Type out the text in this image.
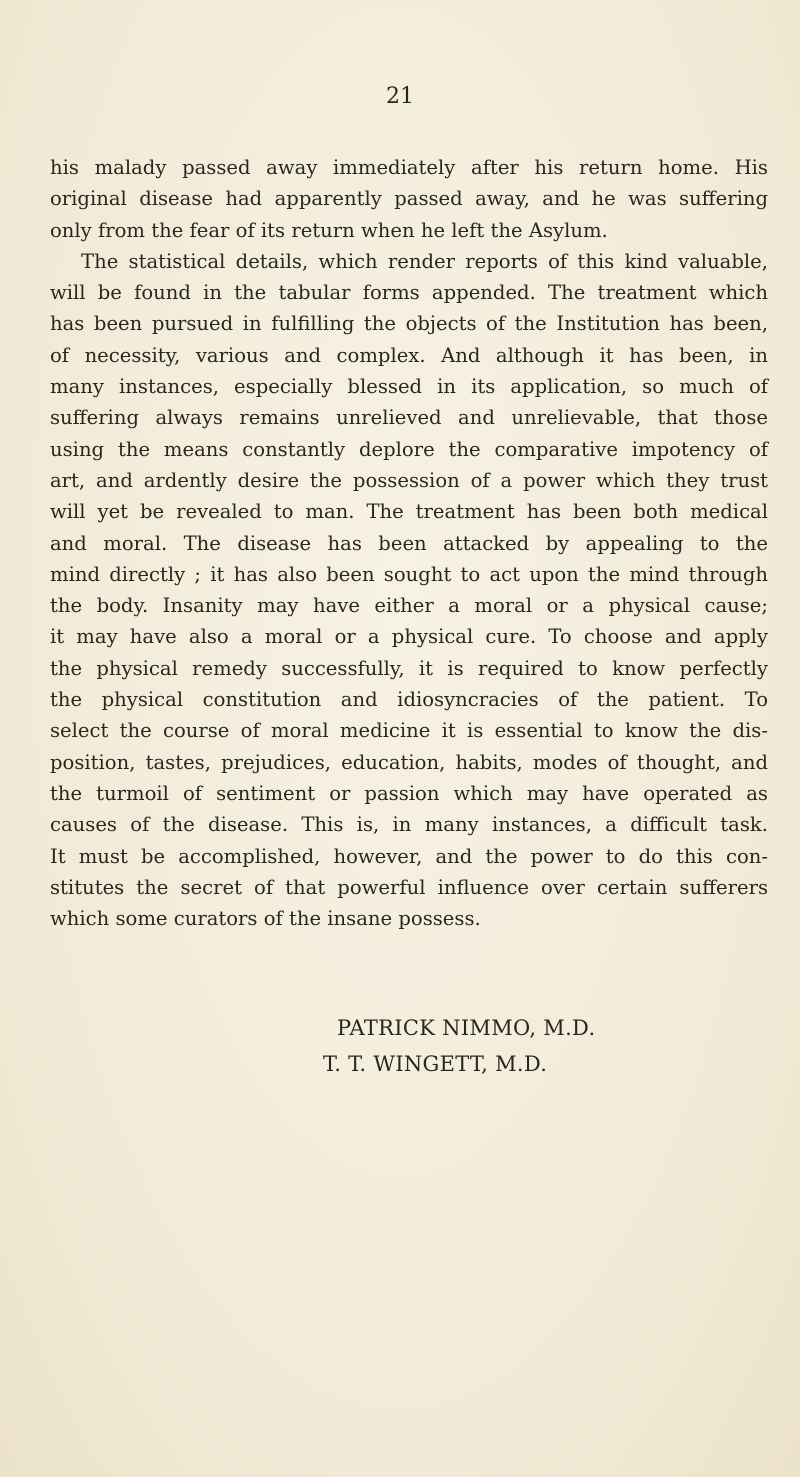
21
his malady passed away immediately after his return home. His
original disease had apparently passed away, and he was suffering
only from the fear of its return when he left the Asylum.
The statistical details, which render reports of this kind valuable,
will be found in the tabular forms appended. The treatment which
has been pursued in fulfilling the objects of the Institution has been,
of necessity, various and complex. And although it has been, in
many instances, especially blessed in its application, so much of
suffering always remains unrelieved and unrelievable, that those
using the means constantly deplore the comparative impotency of
art, and ardently desire the possession of a power which they trust
will yet be revealed to man. The treatment has been both medical
and moral. The disease has been attacked by appealing to the
mind directly ; it has also been sought to act upon the mind through
the body. Insanity may have either a moral or a physical cause;
it may have also a moral or a physical cure. To choose and apply
the physical remedy successfully, it is required to know perfectly
the physical constitution and idiosyncracies of the patient. To
select the course of moral medicine it is essential to know the dis-
position, tastes, prejudices, education, habits, modes of thought, and
the turmoil of sentiment or passion which may have operated as
causes of the disease. This is, in many instances, a difficult task.
It must be accomplished, however, and the power to do this con-
stitutes the secret of that powerful influence over certain sufferers
which some curators of the insane possess.
PATRICK NIMMO, M.D.
T. T. WINGETT, M.D.
